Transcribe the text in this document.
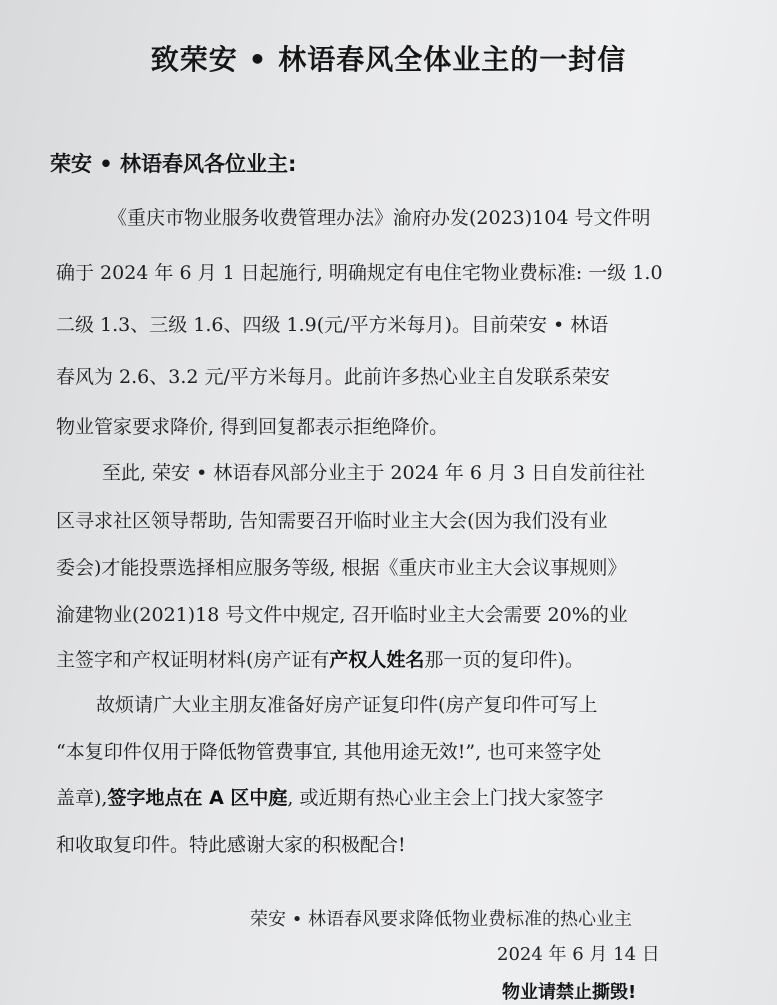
致荣安 • 林语春风全体业主的一封信
荣安 • 林语春风各位业主:
《重庆市物业服务收费管理办法》渝府办发(2023)104 号文件明
确于 2024 年 6 月 1 日起施行, 明确规定有电住宅物业费标准: 一级 1.0
二级 1.3、三级 1.6、四级 1.9(元/平方米每月)。目前荣安 • 林语
春风为 2.6、3.2 元/平方米每月。此前许多热心业主自发联系荣安
物业管家要求降价, 得到回复都表示拒绝降价。
至此, 荣安 • 林语春风部分业主于 2024 年 6 月 3 日自发前往社
区寻求社区领导帮助, 告知需要召开临时业主大会(因为我们没有业
委会)才能投票选择相应服务等级, 根据《重庆市业主大会议事规则》
渝建物业(2021)18 号文件中规定, 召开临时业主大会需要 20%的业
主签字和产权证明材料(房产证有产权人姓名那一页的复印件)。
故烦请广大业主朋友准备好房产证复印件(房产复印件可写上
“本复印件仅用于降低物管费事宜, 其他用途无效!”, 也可来签字处
盖章),签字地点在 A 区中庭, 或近期有热心业主会上门找大家签字
和收取复印件。特此感谢大家的积极配合!
荣安 • 林语春风要求降低物业费标准的热心业主
2024 年 6 月 14 日
物业请禁止撕毁!
